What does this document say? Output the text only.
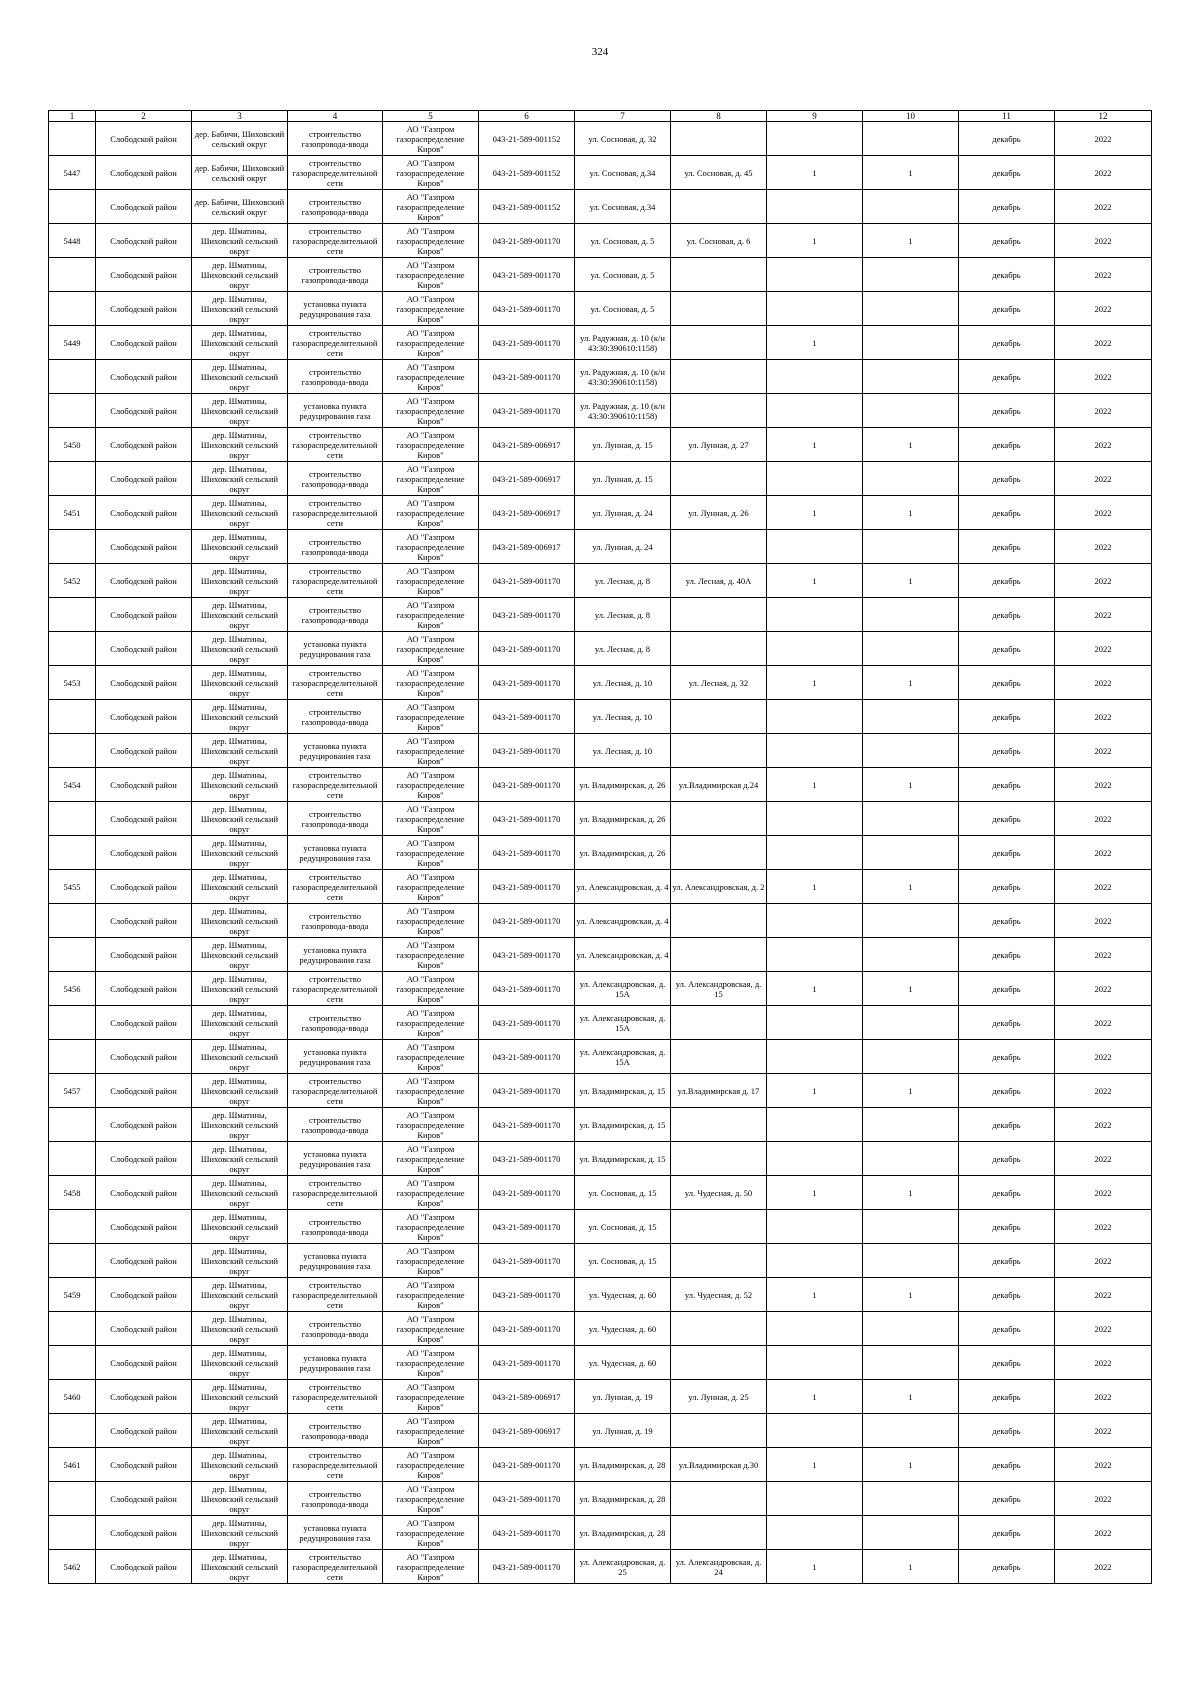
324
1	2	3	4	5	6	7	8	9	10	11	12

	Слободской район	дер. Бабичи, Шиховский сельский округ	строительство газопровода-ввода	АО "Газпром газораспределение Киров"	043-21-589-001152	ул. Сосновая, д. 32				декабрь	2022

5447	Слободской район	дер. Бабичи, Шиховский сельский округ	строительство газораспределительной сети	АО "Газпром газораспределение Киров"	043-21-589-001152	ул. Сосновая, д.34	ул. Сосновая, д. 45	1	1	декабрь	2022

	Слободской район	дер. Бабичи, Шиховский сельский округ	строительство газопровода-ввода	АО "Газпром газораспределение Киров"	043-21-589-001152	ул. Сосновая, д.34				декабрь	2022

5448	Слободской район	дер. Шматины, Шиховский сельский округ	строительство газораспределительной сети	АО "Газпром газораспределение Киров"	043-21-589-001170	ул. Сосновая, д. 5	ул. Сосновая, д. 6	1	1	декабрь	2022

	Слободской район	дер. Шматины, Шиховский сельский округ	строительство газопровода-ввода	АО "Газпром газораспределение Киров"	043-21-589-001170	ул. Сосновая, д. 5				декабрь	2022

	Слободской район	дер. Шматины, Шиховский сельский округ	установка пункта редуцирования газа	АО "Газпром газораспределение Киров"	043-21-589-001170	ул. Сосновая, д. 5				декабрь	2022

5449	Слободской район	дер. Шматины, Шиховский сельский округ	строительство газораспределительной сети	АО "Газпром газораспределение Киров"	043-21-589-001170	ул. Радужная, д. 10 (к/н 43:30:390610:1158)		1		декабрь	2022

	Слободской район	дер. Шматины, Шиховский сельский округ	строительство газопровода-ввода	АО "Газпром газораспределение Киров"	043-21-589-001170	ул. Радужная, д. 10 (к/н 43:30:390610:1158)				декабрь	2022

	Слободской район	дер. Шматины, Шиховский сельский округ	установка пункта редуцирования газа	АО "Газпром газораспределение Киров"	043-21-589-001170	ул. Радужная, д. 10 (к/н 43:30:390610:1158)				декабрь	2022

5450	Слободской район	дер. Шматины, Шиховский сельский округ	строительство газораспределительной сети	АО "Газпром газораспределение Киров"	043-21-589-006917	ул. Лунная, д. 15	ул. Лунная, д. 27	1	1	декабрь	2022

	Слободской район	дер. Шматины, Шиховский сельский округ	строительство газопровода-ввода	АО "Газпром газораспределение Киров"	043-21-589-006917	ул. Лунная, д. 15				декабрь	2022

5451	Слободской район	дер. Шматины, Шиховский сельский округ	строительство газораспределительной сети	АО "Газпром газораспределение Киров"	043-21-589-006917	ул. Лунная, д. 24	ул. Лунная, д. 26	1	1	декабрь	2022

	Слободской район	дер. Шматины, Шиховский сельский округ	строительство газопровода-ввода	АО "Газпром газораспределение Киров"	043-21-589-006917	ул. Лунная, д. 24				декабрь	2022

5452	Слободской район	дер. Шматины, Шиховский сельский округ	строительство газораспределительной сети	АО "Газпром газораспределение Киров"	043-21-589-001170	ул. Лесная, д. 8	ул. Лесная, д. 40А	1	1	декабрь	2022

	Слободской район	дер. Шматины, Шиховский сельский округ	строительство газопровода-ввода	АО "Газпром газораспределение Киров"	043-21-589-001170	ул. Лесная, д. 8				декабрь	2022

	Слободской район	дер. Шматины, Шиховский сельский округ	установка пункта редуцирования газа	АО "Газпром газораспределение Киров"	043-21-589-001170	ул. Лесная, д. 8				декабрь	2022

5453	Слободской район	дер. Шматины, Шиховский сельский округ	строительство газораспределительной сети	АО "Газпром газораспределение Киров"	043-21-589-001170	ул. Лесная, д. 10	ул. Лесная, д. 32	1	1	декабрь	2022

	Слободской район	дер. Шматины, Шиховский сельский округ	строительство газопровода-ввода	АО "Газпром газораспределение Киров"	043-21-589-001170	ул. Лесная, д. 10				декабрь	2022

	Слободской район	дер. Шматины, Шиховский сельский округ	установка пункта редуцирования газа	АО "Газпром газораспределение Киров"	043-21-589-001170	ул. Лесная, д. 10				декабрь	2022

5454	Слободской район	дер. Шматины, Шиховский сельский округ	строительство газораспределительной сети	АО "Газпром газораспределение Киров"	043-21-589-001170	ул. Владимирская, д. 26	ул.Владимирская д.24	1	1	декабрь	2022

	Слободской район	дер. Шматины, Шиховский сельский округ	строительство газопровода-ввода	АО "Газпром газораспределение Киров"	043-21-589-001170	ул. Владимирская, д. 26				декабрь	2022

	Слободской район	дер. Шматины, Шиховский сельский округ	установка пункта редуцирования газа	АО "Газпром газораспределение Киров"	043-21-589-001170	ул. Владимирская, д. 26				декабрь	2022

5455	Слободской район	дер. Шматины, Шиховский сельский округ	строительство газораспределительной сети	АО "Газпром газораспределение Киров"	043-21-589-001170	ул. Александровская, д. 4	ул. Александровская, д. 2	1	1	декабрь	2022

	Слободской район	дер. Шматины, Шиховский сельский округ	строительство газопровода-ввода	АО "Газпром газораспределение Киров"	043-21-589-001170	ул. Александровская, д. 4				декабрь	2022

	Слободской район	дер. Шматины, Шиховский сельский округ	установка пункта редуцирования газа	АО "Газпром газораспределение Киров"	043-21-589-001170	ул. Александровская, д. 4				декабрь	2022

5456	Слободской район	дер. Шматины, Шиховский сельский округ	строительство газораспределительной сети	АО "Газпром газораспределение Киров"	043-21-589-001170	ул. Александровская, д. 15А	ул. Александровская, д. 15	1	1	декабрь	2022

	Слободской район	дер. Шматины, Шиховский сельский округ	строительство газопровода-ввода	АО "Газпром газораспределение Киров"	043-21-589-001170	ул. Александровская, д. 15А				декабрь	2022

	Слободской район	дер. Шматины, Шиховский сельский округ	установка пункта редуцирования газа	АО "Газпром газораспределение Киров"	043-21-589-001170	ул. Александровская, д. 15А				декабрь	2022

5457	Слободской район	дер. Шматины, Шиховский сельский округ	строительство газораспределительной сети	АО "Газпром газораспределение Киров"	043-21-589-001170	ул. Владимирская, д. 15	ул.Владимирская д. 17	1	1	декабрь	2022

	Слободской район	дер. Шматины, Шиховский сельский округ	строительство газопровода-ввода	АО "Газпром газораспределение Киров"	043-21-589-001170	ул. Владимирская, д. 15				декабрь	2022

	Слободской район	дер. Шматины, Шиховский сельский округ	установка пункта редуцирования газа	АО "Газпром газораспределение Киров"	043-21-589-001170	ул. Владимирская, д. 15				декабрь	2022

5458	Слободской район	дер. Шматины, Шиховский сельский округ	строительство газораспределительной сети	АО "Газпром газораспределение Киров"	043-21-589-001170	ул. Сосновая, д. 15	ул. Чудесная, д. 50	1	1	декабрь	2022

	Слободской район	дер. Шматины, Шиховский сельский округ	строительство газопровода-ввода	АО "Газпром газораспределение Киров"	043-21-589-001170	ул. Сосновая, д. 15				декабрь	2022

	Слободской район	дер. Шматины, Шиховский сельский округ	установка пункта редуцирования газа	АО "Газпром газораспределение Киров"	043-21-589-001170	ул. Сосновая, д. 15				декабрь	2022

5459	Слободской район	дер. Шматины, Шиховский сельский округ	строительство газораспределительной сети	АО "Газпром газораспределение Киров"	043-21-589-001170	ул. Чудесная, д. 60	ул. Чудесная, д. 52	1	1	декабрь	2022

	Слободской район	дер. Шматины, Шиховский сельский округ	строительство газопровода-ввода	АО "Газпром газораспределение Киров"	043-21-589-001170	ул. Чудесная, д. 60				декабрь	2022

	Слободской район	дер. Шматины, Шиховский сельский округ	установка пункта редуцирования газа	АО "Газпром газораспределение Киров"	043-21-589-001170	ул. Чудесная, д. 60				декабрь	2022

5460	Слободской район	дер. Шматины, Шиховский сельский округ	строительство газораспределительной сети	АО "Газпром газораспределение Киров"	043-21-589-006917	ул. Лунная, д. 19	ул. Лунная, д. 25	1	1	декабрь	2022

	Слободской район	дер. Шматины, Шиховский сельский округ	строительство газопровода-ввода	АО "Газпром газораспределение Киров"	043-21-589-006917	ул. Лунная, д. 19				декабрь	2022

5461	Слободской район	дер. Шматины, Шиховский сельский округ	строительство газораспределительной сети	АО "Газпром газораспределение Киров"	043-21-589-001170	ул. Владимирская, д. 28	ул.Владимирская д.30	1	1	декабрь	2022

	Слободской район	дер. Шматины, Шиховский сельский округ	строительство газопровода-ввода	АО "Газпром газораспределение Киров"	043-21-589-001170	ул. Владимирская, д. 28				декабрь	2022

	Слободской район	дер. Шматины, Шиховский сельский округ	установка пункта редуцирования газа	АО "Газпром газораспределение Киров"	043-21-589-001170	ул. Владимирская, д. 28				декабрь	2022

5462	Слободской район	дер. Шматины, Шиховский сельский округ	строительство газораспределительной сети	АО "Газпром газораспределение Киров"	043-21-589-001170	ул. Александровская, д. 25	ул. Александровская, д. 24	1	1	декабрь	2022
